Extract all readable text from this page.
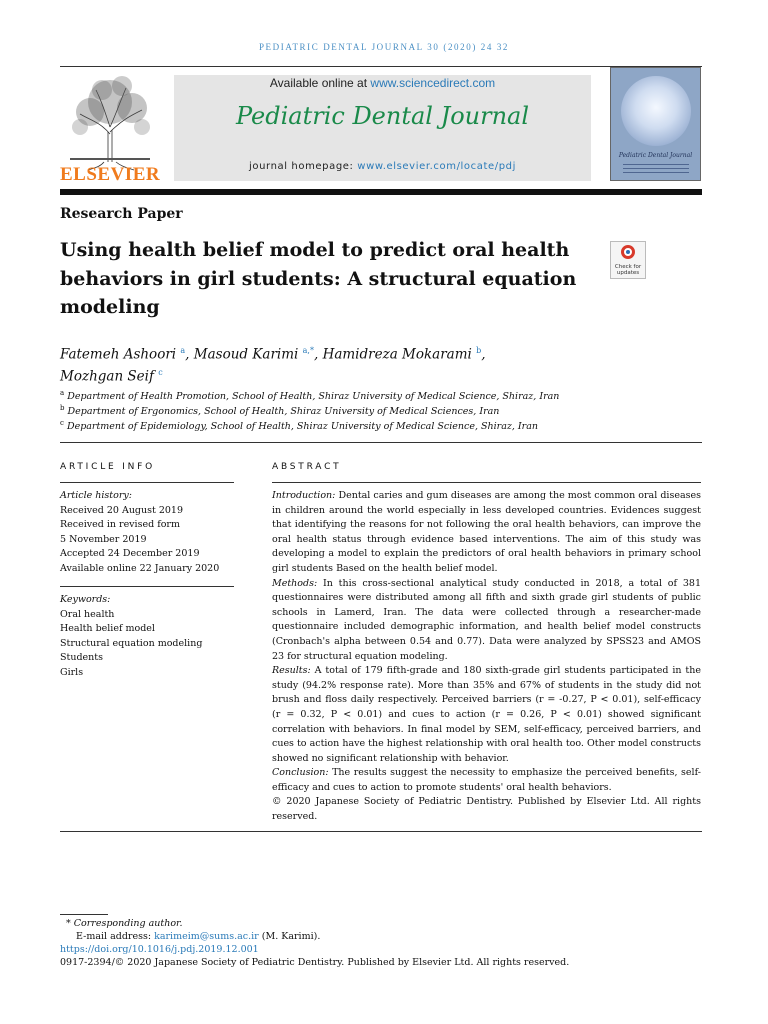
PEDIATRIC DENTAL JOURNAL 30 (2020) 24 32
ELSEVIER
Available online at www.sciencedirect.com
Pediatric Dental Journal
journal homepage: www.elsevier.com/locate/pdj
Pediatric Dental Journal
Research Paper
Using health belief model to predict oral health behaviors in girl students: A structural equation modeling
Check for updates
Fatemeh Ashoori $^a$, Masoud Karimi $^{a,*}$, Hamidreza Mokarami $^b$,
Mozhgan Seif $^c$
$^a$ Department of Health Promotion, School of Health, Shiraz University of Medical Science, Shiraz, Iran
$^b$ Department of Ergonomics, School of Health, Shiraz University of Medical Sciences, Iran
$^c$ Department of Epidemiology, School of Health, Shiraz University of Medical Science, Shiraz, Iran
ARTICLE INFO
Article history:
Received 20 August 2019
Received in revised form
5 November 2019
Accepted 24 December 2019
Available online 22 January 2020
Keywords:
Oral health
Health belief model
Structural equation modeling
Students
Girls
ABSTRACT

Introduction: Dental caries and gum diseases are among the most common oral diseases in children around the world especially in less developed countries. Evidences suggest that identifying the reasons for not following the oral health behaviors, can improve the oral health status through evidence based interventions. The aim of this study was developing a model to explain the predictors of oral health behaviors in primary school girl students Based on the health belief model.

Methods: In this cross-sectional analytical study conducted in 2018, a total of 381 questionnaires were distributed among all fifth and sixth grade girl students of public schools in Lamerd, Iran. The data were collected through a researcher-made questionnaire included demographic information, and health belief model constructs (Cronbach's alpha between 0.54 and 0.77). Data were analyzed by SPSS23 and AMOS 23 for structural equation modeling.

Results: A total of 179 fifth-grade and 180 sixth-grade girl students participated in the study (94.2% response rate). More than 35% and 67% of students in the study did not brush and floss daily respectively. Perceived barriers (r = -0.27, P < 0.01), self-efficacy (r = 0.32, P < 0.01) and cues to action (r = 0.26, P < 0.01) showed significant correlation with behaviors. In final model by SEM, self-efficacy, perceived barriers, and cues to action have the highest relationship with oral health too. Other model constructs showed no significant relationship with behavior.

Conclusion: The results suggest the necessity to emphasize the perceived benefits, self-efficacy and cues to action to promote students' oral health behaviors.

© 2020 Japanese Society of Pediatric Dentistry. Published by Elsevier Ltd. All rights reserved.

* Corresponding author.
E-mail address: karimeim@sums.ac.ir (M. Karimi).
https://doi.org/10.1016/j.pdj.2019.12.001
0917-2394/© 2020 Japanese Society of Pediatric Dentistry. Published by Elsevier Ltd. All rights reserved.
